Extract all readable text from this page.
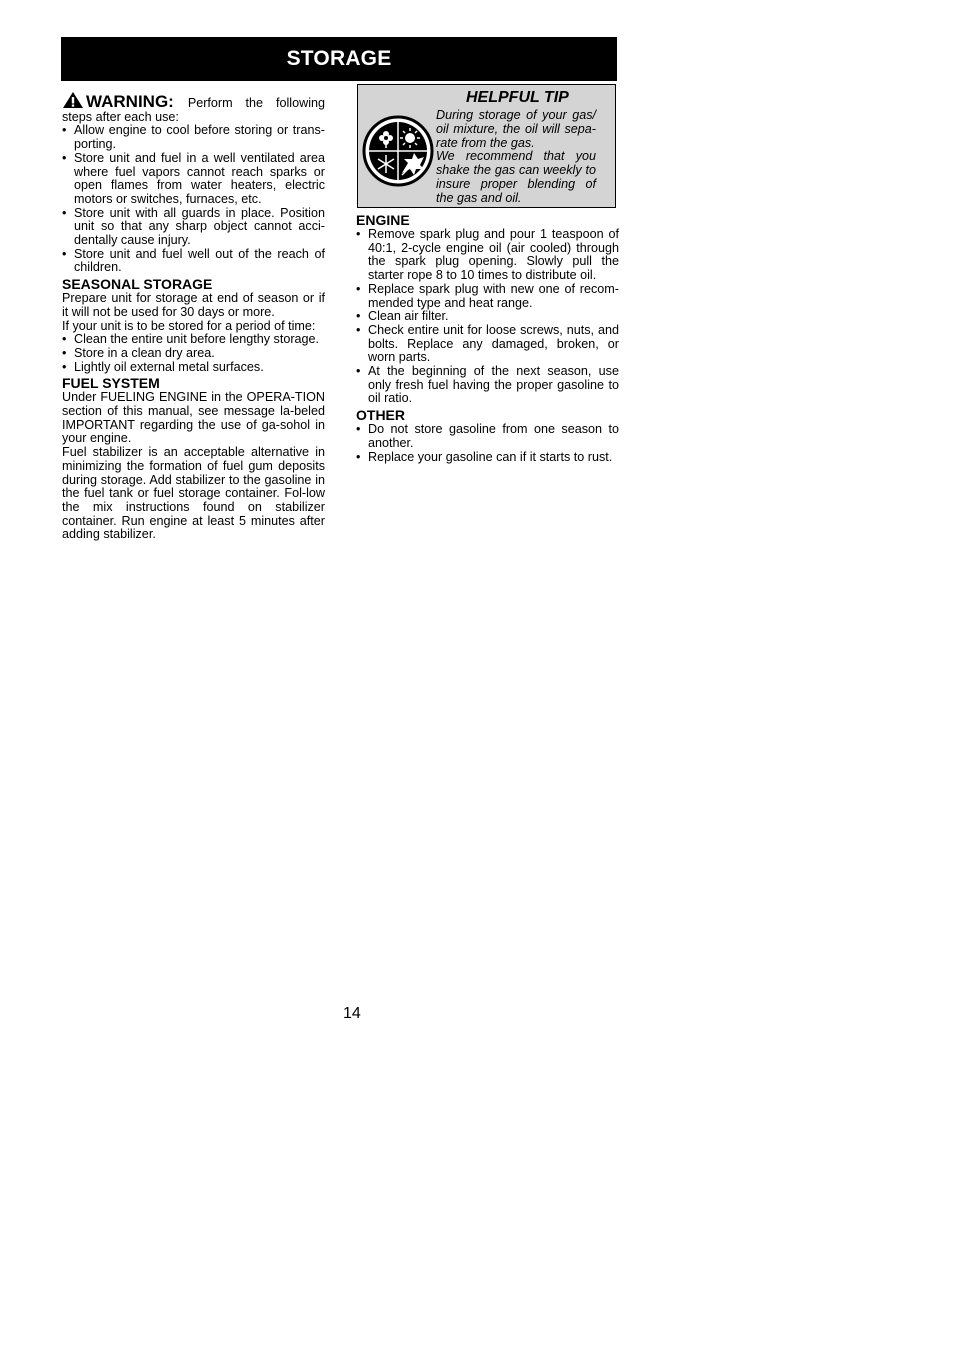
STORAGE

WARNING: Perform the following steps after each use:

• Allow engine to cool before storing or trans-porting.
• Store unit and fuel in a well ventilated area where fuel vapors cannot reach sparks or open flames from water heaters, electric motors or switches, furnaces, etc.
• Store unit with all guards in place. Position unit so that any sharp object cannot acci-dentally cause injury.
• Store unit and fuel well out of the reach of children.
SEASONAL STORAGE

Prepare unit for storage at end of season or if it will not be used for 30 days or more.

If your unit is to be stored for a period of time:

• Clean the entire unit before lengthy storage.
• Store in a clean dry area.
• Lightly oil external metal surfaces.
FUEL SYSTEM

Under FUELING ENGINE in the OPERA-TION section of this manual, see message la-beled IMPORTANT regarding the use of ga-sohol in your engine.

Fuel stabilizer is an acceptable alternative in minimizing the formation of fuel gum deposits during storage. Add stabilizer to the gasoline in the fuel tank or fuel storage container. Fol-low the mix instructions found on stabilizer container. Run engine at least 5 minutes after adding stabilizer.

HELPFUL TIP

During storage of your gas/ oil mixture, the oil will sepa-rate from the gas.

We recommend that you shake the gas can weekly to insure proper blending of the gas and oil.

ENGINE
• Remove spark plug and pour 1 teaspoon of 40:1, 2-cycle engine oil (air cooled) through the spark plug opening. Slowly pull the starter rope 8 to 10 times to distribute oil.
• Replace spark plug with new one of recom-mended type and heat range.
• Clean air filter.
• Check entire unit for loose screws, nuts, and bolts. Replace any damaged, broken, or worn parts.
• At the beginning of the next season, use only fresh fuel having the proper gasoline to oil ratio.
OTHER
• Do not store gasoline from one season to another.
• Replace your gasoline can if it starts to rust.
14
